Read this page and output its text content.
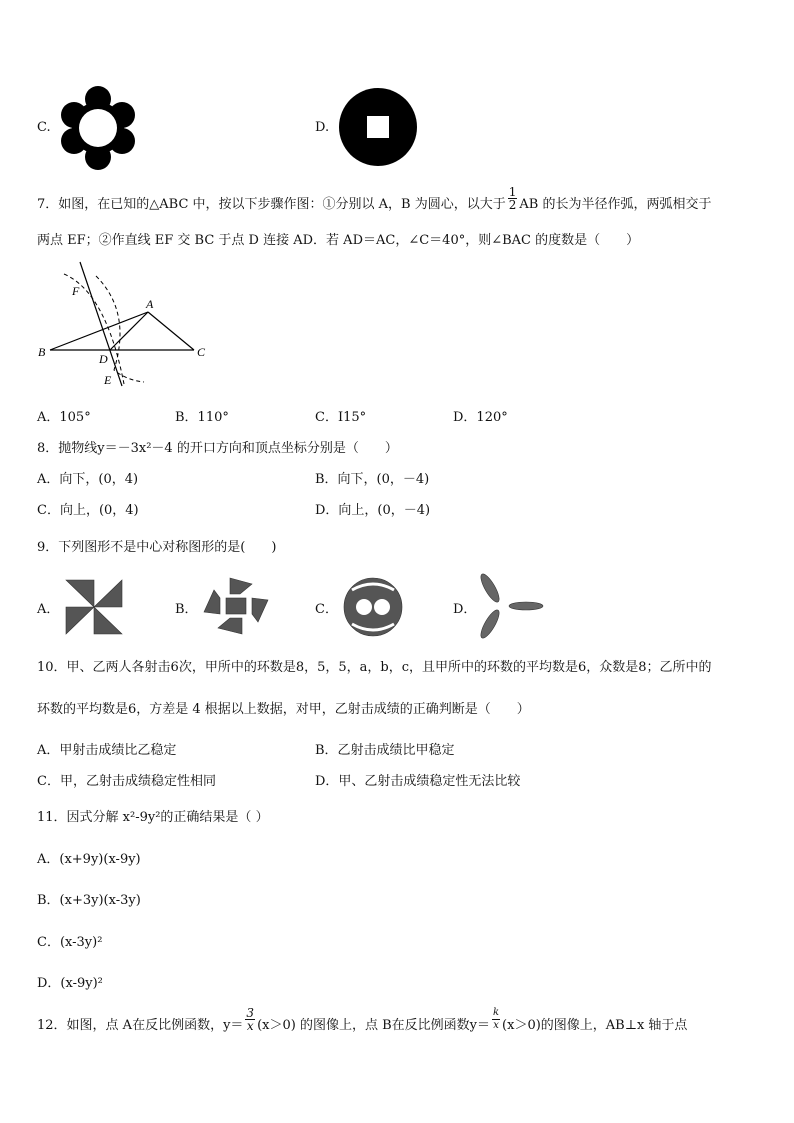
C.	D.
7．如图，在已知的△ABC 中，按以下步骤作图：①分别以 A，B 为圆心，以大于 $\frac{1}{2}$ AB 的长为半径作弧，两弧相交于
两点 EF；②作直线 EF 交 BC 于点 D 连接 AD．若 AD＝AC，∠C＝40°，则∠BAC 的度数是（　　）
F
A
B	C
D
E
A．105°	B．110°	C．I15°	D．120°
8．抛物线y＝－3x²－4 的开口方向和顶点坐标分别是（　　）
A．向下，(0，4)	B．向下，(0，－4)
C．向上，(0，4)	D．向上，(0，－4)
9．下列图形不是中心对称图形的是(　　)
A．	B．	C．	D．
10．甲、乙两人各射击6次，甲所中的环数是8，5，5，a，b，c，且甲所中的环数的平均数是6，众数是8；乙所中的
环数的平均数是6，方差是 4 根据以上数据，对甲，乙射击成绩的正确判断是（　　）
A．甲射击成绩比乙稳定	B．乙射击成绩比甲稳定
C．甲，乙射击成绩稳定性相同	D．甲、乙射击成绩稳定性无法比较
11．因式分解 x²-9y²的正确结果是（ ）
A．(x+9y)(x-9y)
B．(x+3y)(x-3y)
C．(x-3y)²
D．(x-9y)²
12．如图，点 A在反比例函数，$y= \frac{3}{x} (x>0)$ 的图像上，点 B在反比例函数$y= \frac{k}{x} (x>0)$的图像上，AB⊥x 轴于点
